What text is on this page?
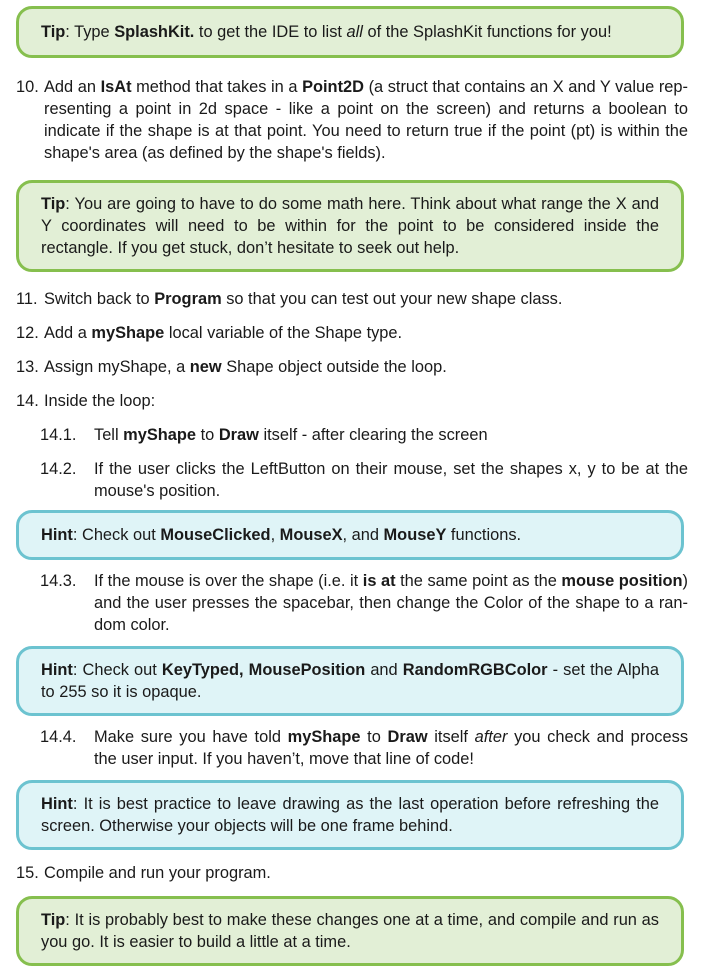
Tip: Type SplashKit. to get the IDE to list all of the SplashKit functions for you!
10. Add an IsAt method that takes in a Point2D (a struct that contains an X and Y value rep-resenting a point in 2d space - like a point on the screen) and returns a boolean to indicate if the shape is at that point. You need to return true if the point (pt) is within the shape's area (as defined by the shape's fields).
Tip: You are going to have to do some math here. Think about what range the X and Y coordinates will need to be within for the point to be considered inside the rectangle. If you get stuck, don’t hesitate to seek out help.
11. Switch back to Program so that you can test out your new shape class.
12. Add a myShape local variable of the Shape type.
13. Assign myShape, a new Shape object outside the loop.
14. Inside the loop:
14.1. Tell myShape to Draw itself - after clearing the screen
14.2. If the user clicks the LeftButton on their mouse, set the shapes x, y to be at the mouse's position.
Hint: Check out MouseClicked, MouseX, and MouseY functions.
14.3. If the mouse is over the shape (i.e. it is at the same point as the mouse position) and the user presses the spacebar, then change the Color of the shape to a ran-dom color.
Hint: Check out KeyTyped, MousePosition and RandomRGBColor - set the Alpha to 255 so it is opaque.
14.4. Make sure you have told myShape to Draw itself after you check and process the user input. If you haven’t, move that line of code!
Hint: It is best practice to leave drawing as the last operation before refreshing the screen. Otherwise your objects will be one frame behind.
15. Compile and run your program.
Tip: It is probably best to make these changes one at a time, and compile and run as you go. It is easier to build a little at a time.
